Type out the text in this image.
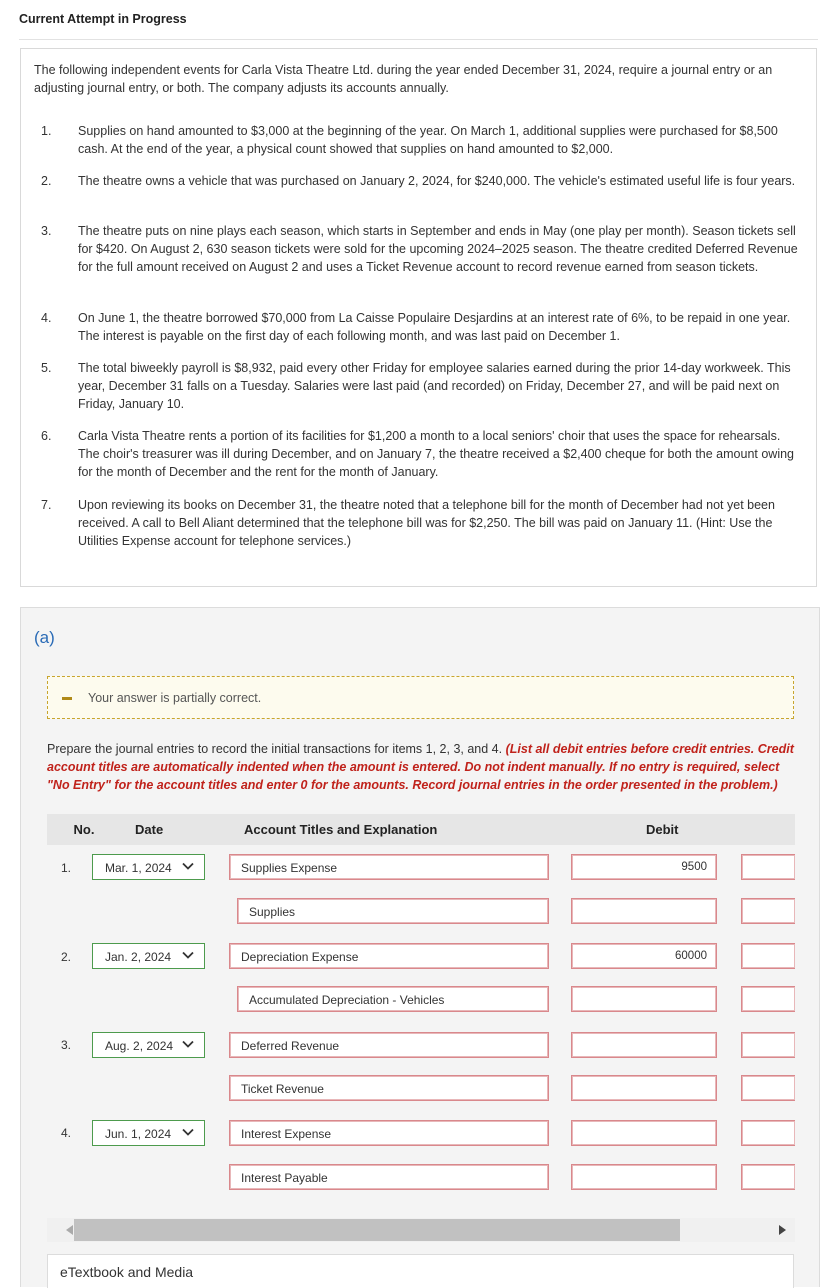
Current Attempt in Progress
The following independent events for Carla Vista Theatre Ltd. during the year ended December 31, 2024, require a journal entry or an adjusting journal entry, or both. The company adjusts its accounts annually.
1. Supplies on hand amounted to $3,000 at the beginning of the year. On March 1, additional supplies were purchased for $8,500 cash. At the end of the year, a physical count showed that supplies on hand amounted to $2,000.
2. The theatre owns a vehicle that was purchased on January 2, 2024, for $240,000. The vehicle's estimated useful life is four years.
3. The theatre puts on nine plays each season, which starts in September and ends in May (one play per month). Season tickets sell for $420. On August 2, 630 season tickets were sold for the upcoming 2024–2025 season. The theatre credited Deferred Revenue for the full amount received on August 2 and uses a Ticket Revenue account to record revenue earned from season tickets.
4. On June 1, the theatre borrowed $70,000 from La Caisse Populaire Desjardins at an interest rate of 6%, to be repaid in one year. The interest is payable on the first day of each following month, and was last paid on December 1.
5. The total biweekly payroll is $8,932, paid every other Friday for employee salaries earned during the prior 14-day workweek. This year, December 31 falls on a Tuesday. Salaries were last paid (and recorded) on Friday, December 27, and will be paid next on Friday, January 10.
6. Carla Vista Theatre rents a portion of its facilities for $1,200 a month to a local seniors' choir that uses the space for rehearsals. The choir's treasurer was ill during December, and on January 7, the theatre received a $2,400 cheque for both the amount owing for the month of December and the rent for the month of January.
7. Upon reviewing its books on December 31, the theatre noted that a telephone bill for the month of December had not yet been received. A call to Bell Aliant determined that the telephone bill was for $2,250. The bill was paid on January 11. (Hint: Use the Utilities Expense account for telephone services.)
(a)
Your answer is partially correct.
Prepare the journal entries to record the initial transactions for items 1, 2, 3, and 4. (List all debit entries before credit entries. Credit account titles are automatically indented when the amount is entered. Do not indent manually. If no entry is required, select "No Entry" for the account titles and enter 0 for the amounts. Record journal entries in the order presented in the problem.)
No.	Date	Account Titles and Explanation	Debit
1.	Mar. 1, 2024	Supplies Expense	9500
Supplies
2.	Jan. 2, 2024	Depreciation Expense	60000
Accumulated Depreciation - Vehicles
3.	Aug. 2, 2024	Deferred Revenue
Ticket Revenue
4.	Jun. 1, 2024	Interest Expense
Interest Payable
eTextbook and Media
